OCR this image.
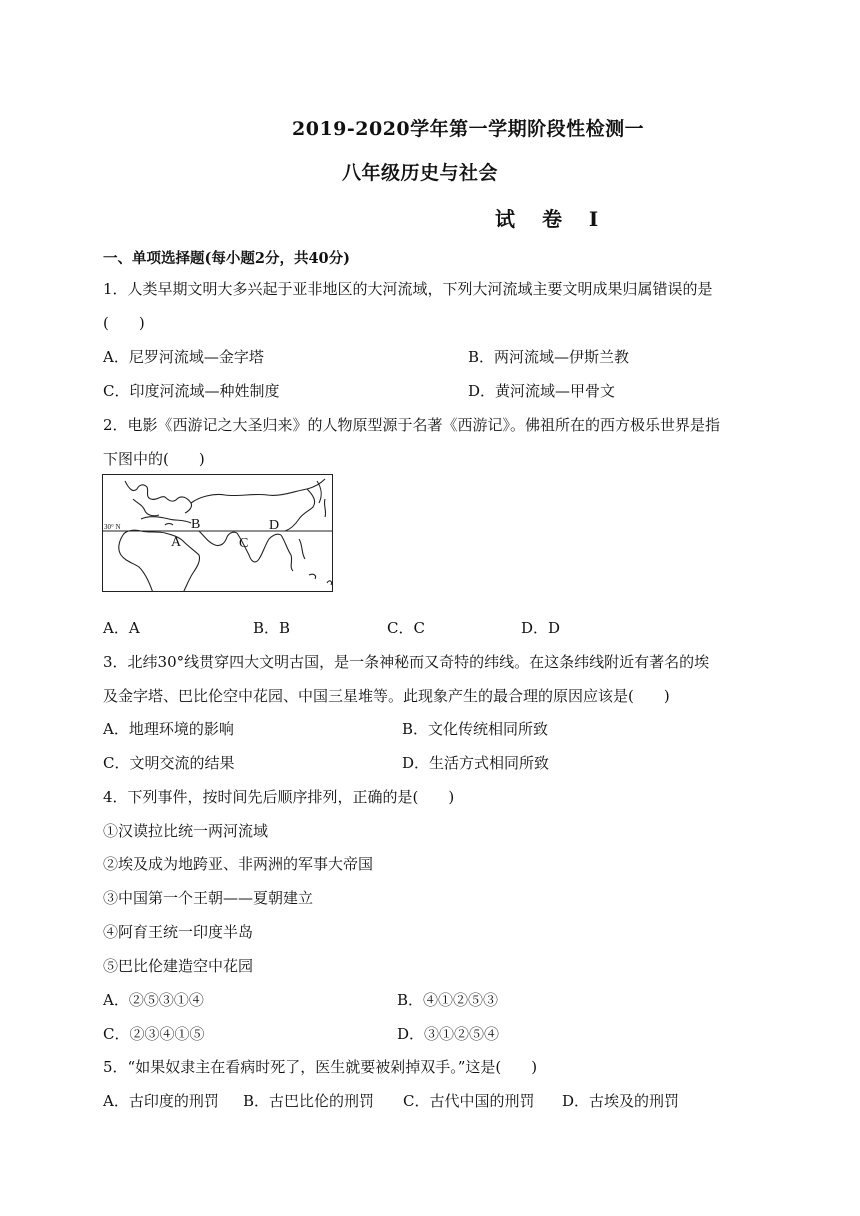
2019-2020学年第一学期阶段性检测一
八年级历史与社会
试 卷 Ⅰ
一、单项选择题(每小题2分，共40分)
1．人类早期文明大多兴起于亚非地区的大河流域，下列大河流域主要文明成果归属错误的是
(　　)
A．尼罗河流域—金字塔	B．两河流域—伊斯兰教
C．印度河流域—种姓制度	D．黄河流域—甲骨文
2．电影《西游记之大圣归来》的人物原型源于名著《西游记》。佛祖所在的西方极乐世界是指
下图中的(　　)
30° N
A
B
C
D
A．A	B．B	C．C	D．D
3．北纬30°线贯穿四大文明古国，是一条神秘而又奇特的纬线。在这条纬线附近有著名的埃
及金字塔、巴比伦空中花园、中国三星堆等。此现象产生的最合理的原因应该是(　　)
A．地理环境的影响	B．文化传统相同所致
C．文明交流的结果	D．生活方式相同所致
4．下列事件，按时间先后顺序排列，正确的是(　　)
①汉谟拉比统一两河流域
②埃及成为地跨亚、非两洲的军事大帝国
③中国第一个王朝——夏朝建立
④阿育王统一印度半岛
⑤巴比伦建造空中花园
A．②⑤③①④	B．④①②⑤③
C．②③④①⑤	D．③①②⑤④
5．“如果奴隶主在看病时死了，医生就要被剁掉双手。”这是(　　)
A．古印度的刑罚 B．古巴比伦的刑罚 C．古代中国的刑罚 D．古埃及的刑罚
